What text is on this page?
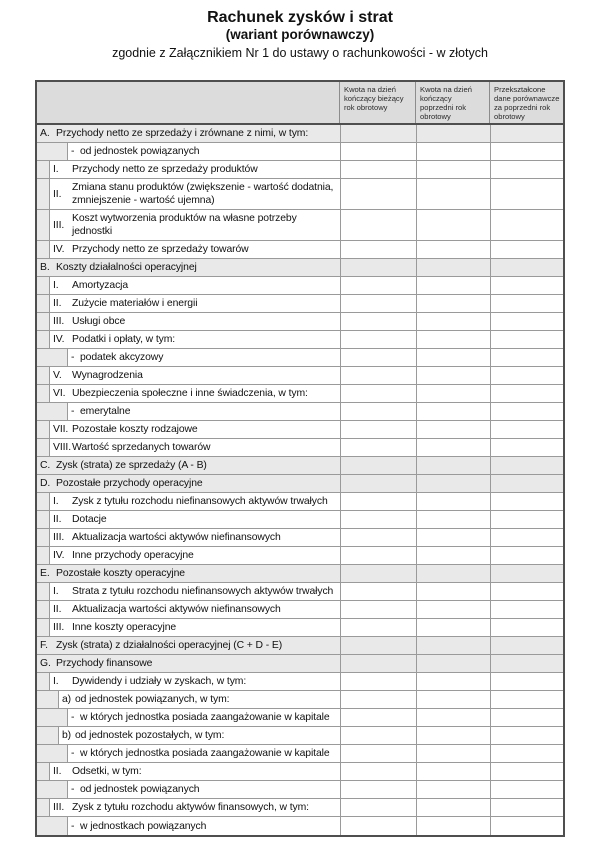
Rachunek zysków i strat
(wariant porównawczy)
zgodnie z Załącznikiem Nr 1 do ustawy o rachunkowości - w złotych
Kwota na dzień kończący bieżący rok obrotowy
Kwota na dzień kończący poprzedni rok obrotowy
Przekształcone dane porównawcze za poprzedni rok obrotowy
A. Przychody netto ze sprzedaży i zrównane z nimi, w tym:
- od jednostek powiązanych
I.	Przychody netto ze sprzedaży produktów
II.
Zmiana stanu produktów (zwiększenie - wartość dodatnia, zmniejszenie - wartość ujemna)
III.
Koszt wytworzenia produktów na własne potrzeby jednostki
IV. Przychody netto ze sprzedaży towarów
B. Koszty działalności operacyjnej
I.	Amortyzacja
II.	Zużycie materiałów i energii
III. Usługi obce
IV. Podatki i opłaty, w tym:
- podatek akcyzowy
V. Wynagrodzenia
VI. Ubezpieczenia społeczne i inne świadczenia, w tym:
- emerytalne
VII. Pozostałe koszty rodzajowe
VIII. Wartość sprzedanych towarów
C. Zysk (strata) ze sprzedaży (A - B)
D. Pozostałe przychody operacyjne
I.	Zysk z tytułu rozchodu niefinansowych aktywów trwałych
II.	Dotacje
III. Aktualizacja wartości aktywów niefinansowych
IV. Inne przychody operacyjne
E. Pozostałe koszty operacyjne
I.	Strata z tytułu rozchodu niefinansowych aktywów trwałych
II.	Aktualizacja wartości aktywów niefinansowych
III. Inne koszty operacyjne
F. Zysk (strata) z działalności operacyjnej (C + D - E)
G. Przychody finansowe
I.	Dywidendy i udziały w zyskach, w tym:
a) od jednostek powiązanych, w tym:
- w których jednostka posiada zaangażowanie w kapitale
b) od jednostek pozostałych, w tym:
- w których jednostka posiada zaangażowanie w kapitale
II.	Odsetki, w tym:
- od jednostek powiązanych
III. Zysk z tytułu rozchodu aktywów finansowych, w tym:
- w jednostkach powiązanych
